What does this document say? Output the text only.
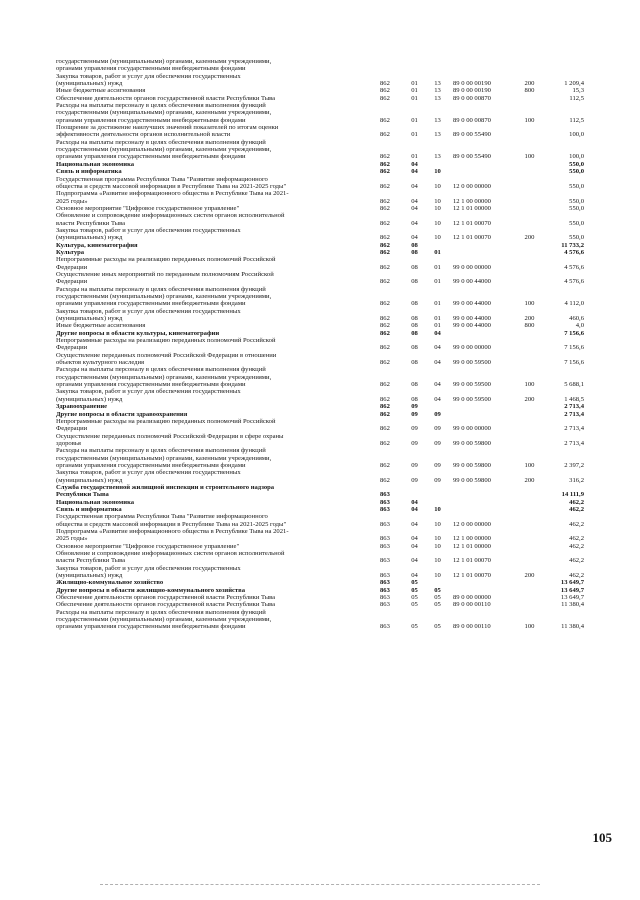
государственными (муниципальными) органами, казенными учреждениями,
органами управления государственными внебюджетными фондами
Закупка товаров, работ и услуг для обеспечения государственных
(муниципальных) нужд	862	01	13	89 0 00 00190	200	1 209,4
Иные бюджетные ассигнования	862	01	13	89 0 00 00190	800	15,3
Обеспечение деятельности органов государственной власти Республики Тыва	862	01	13	89 0 00 00870	112,5
Расходы на выплаты персоналу в целях обеспечения выполнения функций
государственными (муниципальными) органами, казенными учреждениями,
органами управления государственными внебюджетными фондами	862	01	13	89 0 00 00870	100	112,5
Поощрение за достижение наилучших значений показателей по итогам оценки
эффективности деятельности органов исполнительной власти	862	01	13	89 0 00 55490	100,0
Расходы на выплаты персоналу в целях обеспечения выполнения функций
государственными (муниципальными) органами, казенными учреждениями,
органами управления государственными внебюджетными фондами	862	01	13	89 0 00 55490	100	100,0
Национальная экономика	862	04	550,0
Связь и информатика	862	04	10	550,0
Государственная программа Республики Тыва "Развитие информационного
общества и средств массовой информации в Республике Тыва на 2021-2025 годы"	862	04	10	12 0 00 00000	550,0
Подпрограмма «Развитие информационного общества в Республике Тыва на 2021-
2025 годы»	862	04	10	12 1 00 00000	550,0
Основное мероприятие "Цифровое государственное управление"	862	04	10	12 1 01 00000	550,0
Обновление и сопровождение информационных систем органов исполнительной
власти Республики Тыва	862	04	10	12 1 01 00070	550,0
Закупка товаров, работ и услуг для обеспечения государственных
(муниципальных) нужд	862	04	10	12 1 01 00070	200	550,0
Культура, кинематография	862	08	11 733,2
Культура	862	08	01	4 576,6
Непрограммные расходы на реализацию переданных полномочий Российской
Федерации	862	08	01	99 0 00 00000	4 576,6
Осуществление иных мероприятий по переданным полномочиям Российской
Федерации	862	08	01	99 0 00 44000	4 576,6
Расходы на выплаты персоналу в целях обеспечения выполнения функций
государственными (муниципальными) органами, казенными учреждениями,
органами управления государственными внебюджетными фондами	862	08	01	99 0 00 44000	100	4 112,0
Закупка товаров, работ и услуг для обеспечения государственных
(муниципальных) нужд	862	08	01	99 0 00 44000	200	460,6
Иные бюджетные ассигнования	862	08	01	99 0 00 44000	800	4,0
Другие вопросы в области культуры, кинематографии	862	08	04	7 156,6
Непрограммные расходы на реализацию переданных полномочий Российской
Федерации	862	08	04	99 0 00 00000	7 156,6
Осуществление переданных полномочий Российской Федерации в отношении
объектов культурного наследия	862	08	04	99 0 00 59500	7 156,6
Расходы на выплаты персоналу в целях обеспечения выполнения функций
государственными (муниципальными) органами, казенными учреждениями,
органами управления государственными внебюджетными фондами	862	08	04	99 0 00 59500	100	5 688,1
Закупка товаров, работ и услуг для обеспечения государственных
(муниципальных) нужд	862	08	04	99 0 00 59500	200	1 468,5
Здравоохранение	862	09	2 713,4
Другие вопросы в области здравоохранения	862	09	09	2 713,4
Непрограммные расходы на реализацию переданных полномочий Российской
Федерации	862	09	09	99 0 00 00000	2 713,4
Осуществление переданных полномочий Российской Федерации в сфере охраны
здоровья	862	09	09	99 0 00 59800	2 713,4
Расходы на выплаты персоналу в целях обеспечения выполнения функций
государственными (муниципальными) органами, казенными учреждениями,
органами управления государственными внебюджетными фондами	862	09	09	99 0 00 59800	100	2 397,2
Закупка товаров, работ и услуг для обеспечения государственных
(муниципальных) нужд	862	09	09	99 0 00 59800	200	316,2
Служба государственной жилищной инспекции и строительного надзора
Республики Тыва	863	14 111,9
Национальная экономика	863	04	462,2
Связь и информатика	863	04	10	462,2
Государственная программа Республики Тыва "Развитие информационного
общества и средств массовой информации в Республике Тыва на 2021-2025 годы"	863	04	10	12 0 00 00000	462,2
Подпрограмма «Развитие информационного общества в Республике Тыва на 2021-
2025 годы»	863	04	10	12 1 00 00000	462,2
Основное мероприятие "Цифровое государственное управление"	863	04	10	12 1 01 00000	462,2
Обновление и сопровождение информационных систем органов исполнительной
власти Республики Тыва	863	04	10	12 1 01 00070	462,2
Закупка товаров, работ и услуг для обеспечения государственных
(муниципальных) нужд	863	04	10	12 1 01 00070	200	462,2
Жилищно-коммунальное хозяйство	863	05	13 649,7
Другие вопросы в области жилищно-коммунального хозяйства	863	05	05	13 649,7
Обеспечение деятельности органов государственной власти Республики Тыва	863	05	05	89 0 00 00000	13 649,7
Обеспечение деятельности органов государственной власти Республики Тыва	863	05	05	89 0 00 00110	11 380,4
Расходы на выплаты персоналу в целях обеспечения выполнения функций
государственными (муниципальными) органами, казенными учреждениями,
органами управления государственными внебюджетными фондами	863	05	05	89 0 00 00110	100	11 380,4
105
